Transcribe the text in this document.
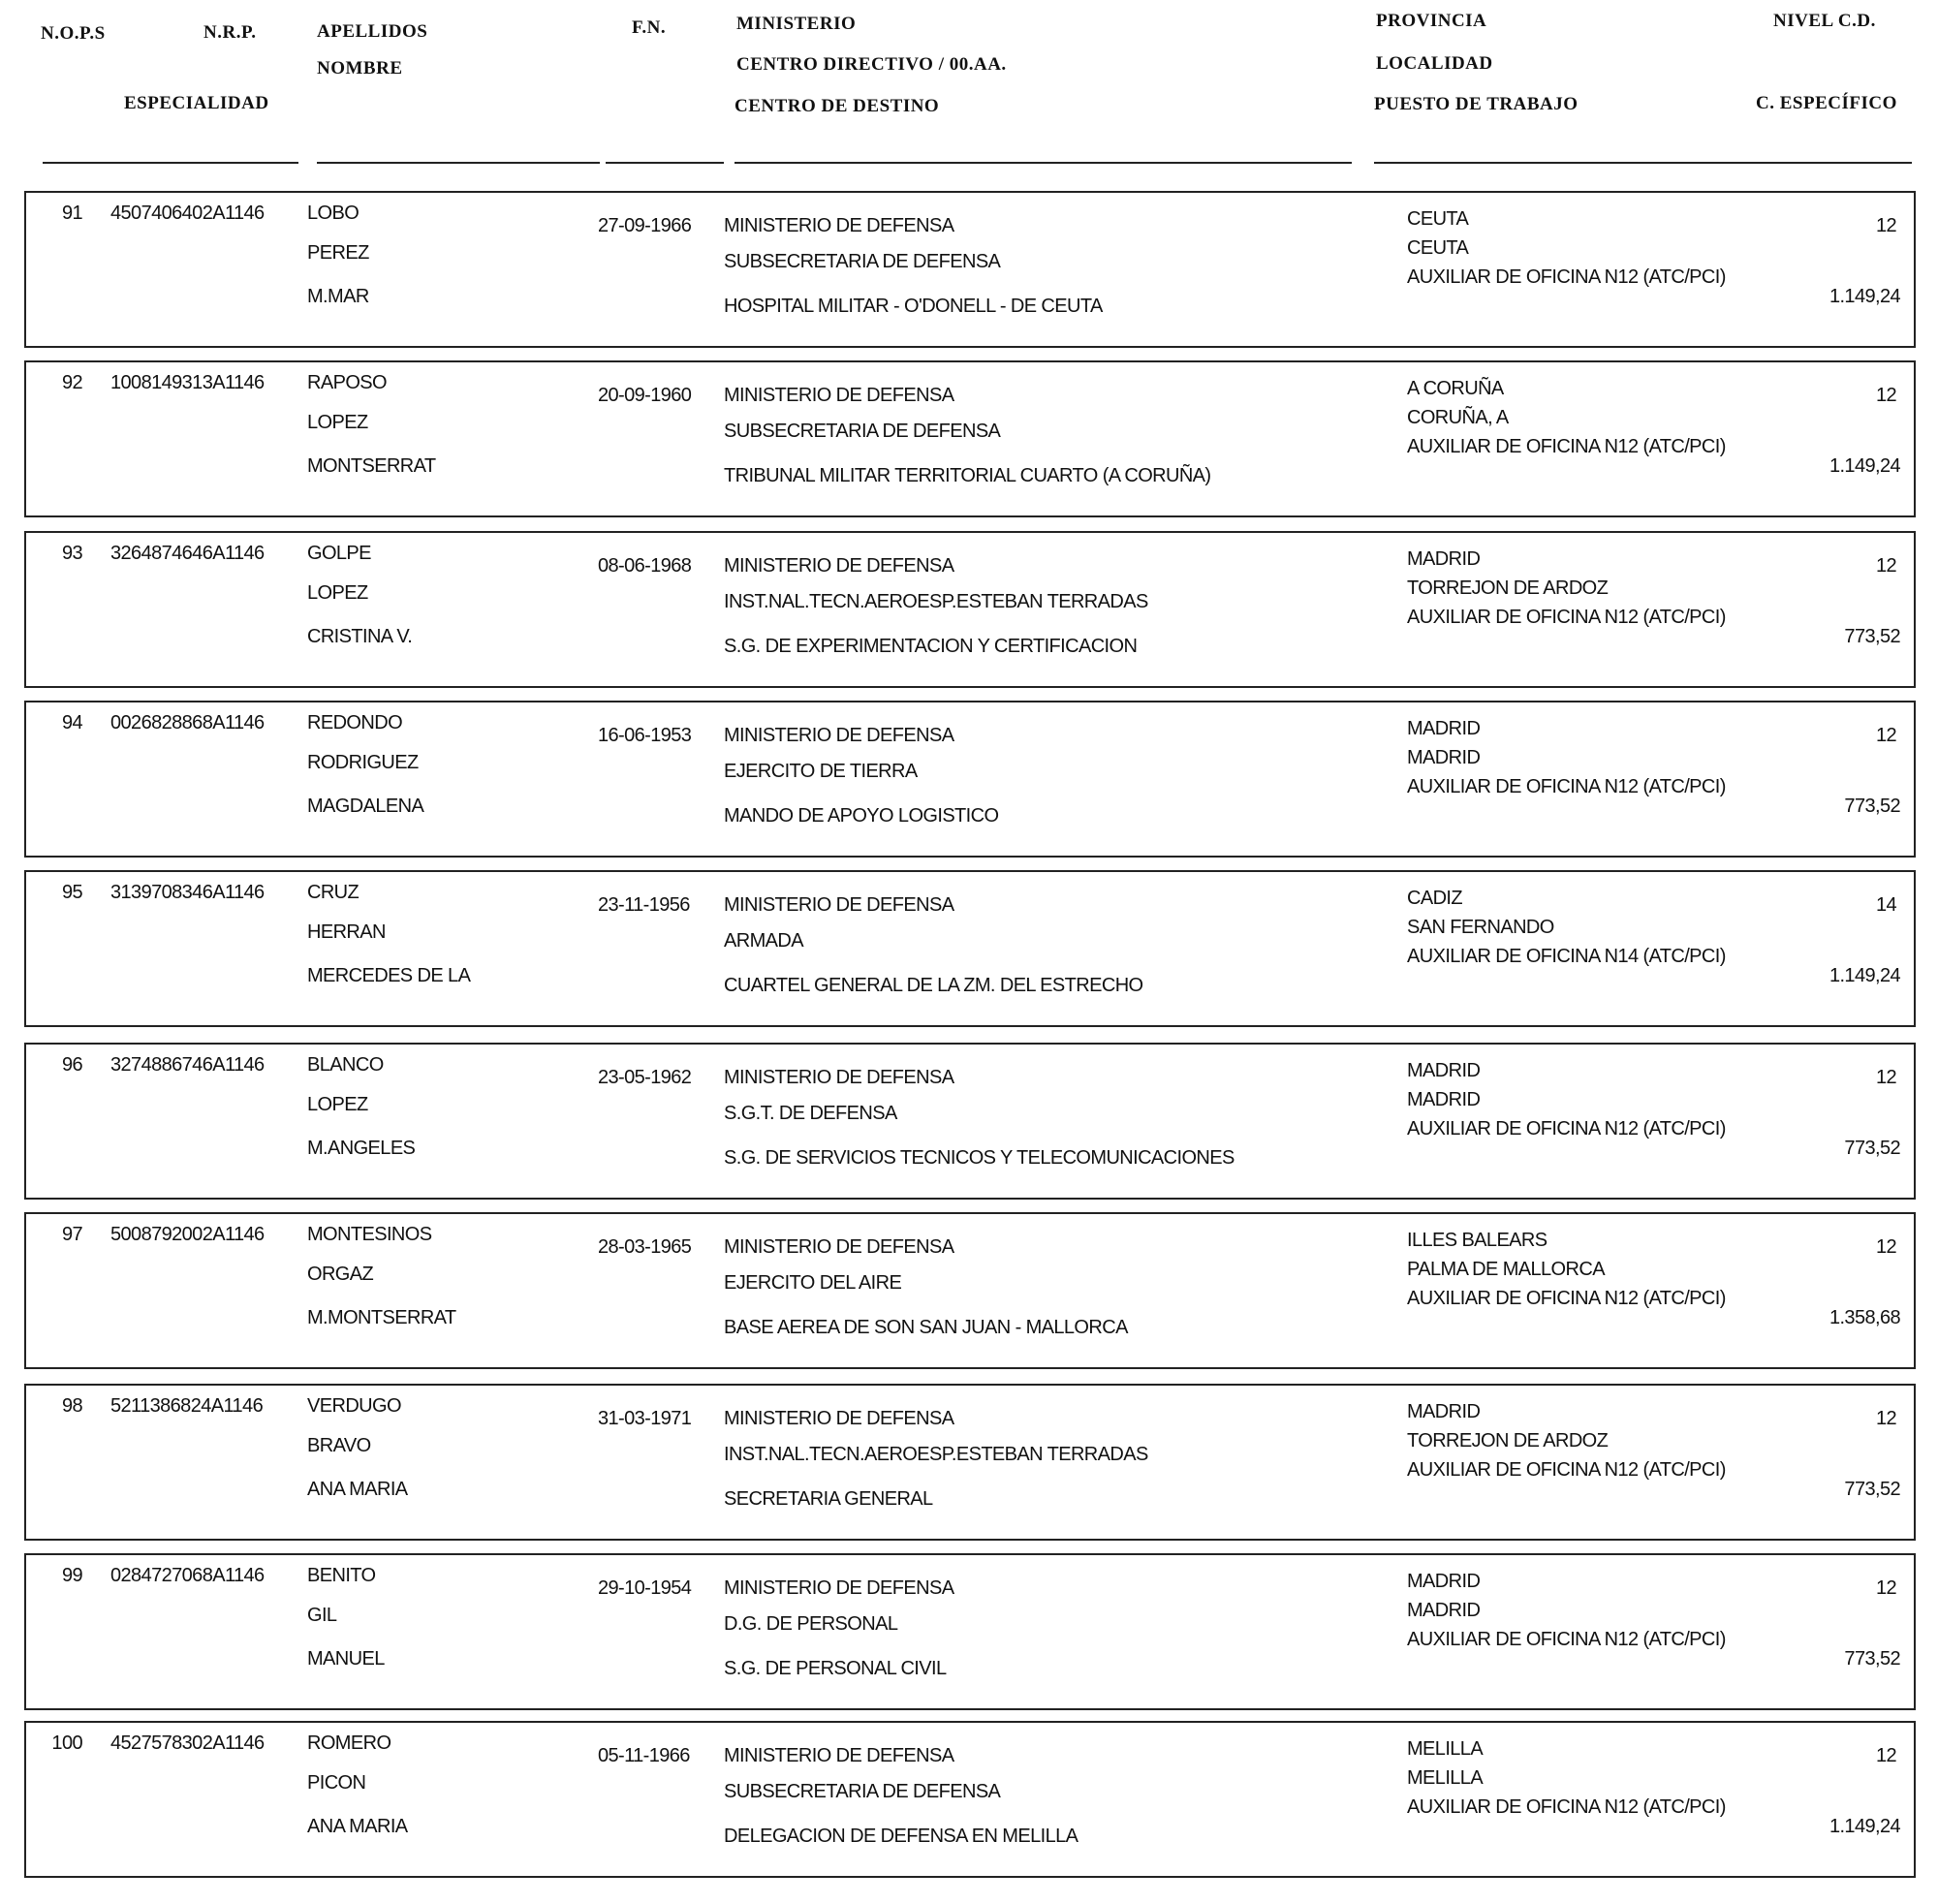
N.O.P.S	N.R.P.
ESPECIALIDAD
APELLIDOS
NOMBRE
F.N.	MINISTERIO
CENTRO DIRECTIVO / 00.AA.
CENTRO DE DESTINO
PROVINCIA
LOCALIDAD
PUESTO DE TRABAJO
NIVEL C.D.
C. ESPECÍFICO
91 4507406402A1146 LOBO
PEREZ
M.MAR
27-09-1966 MINISTERIO DE DEFENSA
SUBSECRETARIA DE DEFENSA
HOSPITAL MILITAR - O'DONELL - DE CEUTA
CEUTA
CEUTA
AUXILIAR DE OFICINA N12 (ATC/PCI)
12
1.149,24
92 1008149313A1146 RAPOSO
LOPEZ
MONTSERRAT
20-09-1960 MINISTERIO DE DEFENSA
SUBSECRETARIA DE DEFENSA
TRIBUNAL MILITAR TERRITORIAL CUARTO (A CORUÑA)
A CORUÑA
CORUÑA, A
AUXILIAR DE OFICINA N12 (ATC/PCI)
12
1.149,24
93 3264874646A1146 GOLPE
LOPEZ
CRISTINA V.
08-06-1968 MINISTERIO DE DEFENSA
INST.NAL.TECN.AEROESP.ESTEBAN TERRADAS
S.G. DE EXPERIMENTACION Y CERTIFICACION
MADRID
TORREJON DE ARDOZ
AUXILIAR DE OFICINA N12 (ATC/PCI)
12
773,52
94 0026828868A1146 REDONDO
RODRIGUEZ
MAGDALENA
16-06-1953 MINISTERIO DE DEFENSA
EJERCITO DE TIERRA
MANDO DE APOYO LOGISTICO
MADRID
MADRID
AUXILIAR DE OFICINA N12 (ATC/PCI)
12
773,52
95 3139708346A1146 CRUZ
HERRAN
MERCEDES DE LA
23-11-1956 MINISTERIO DE DEFENSA
ARMADA
CUARTEL GENERAL DE LA ZM. DEL ESTRECHO
CADIZ
SAN FERNANDO
AUXILIAR DE OFICINA N14 (ATC/PCI)
14
1.149,24
96 3274886746A1146 BLANCO
LOPEZ
M.ANGELES
23-05-1962 MINISTERIO DE DEFENSA
S.G.T. DE DEFENSA
S.G. DE SERVICIOS TECNICOS Y TELECOMUNICACIONES
MADRID
MADRID
AUXILIAR DE OFICINA N12 (ATC/PCI)
12
773,52
97 5008792002A1146 MONTESINOS
ORGAZ
M.MONTSERRAT
28-03-1965 MINISTERIO DE DEFENSA
EJERCITO DEL AIRE
BASE AEREA DE SON SAN JUAN - MALLORCA
ILLES BALEARS
PALMA DE MALLORCA
AUXILIAR DE OFICINA N12 (ATC/PCI)
12
1.358,68
98 5211386824A1146 VERDUGO
BRAVO
ANA MARIA
31-03-1971 MINISTERIO DE DEFENSA
INST.NAL.TECN.AEROESP.ESTEBAN TERRADAS
SECRETARIA GENERAL
MADRID
TORREJON DE ARDOZ
AUXILIAR DE OFICINA N12 (ATC/PCI)
12
773,52
99 0284727068A1146 BENITO
GIL
MANUEL
29-10-1954 MINISTERIO DE DEFENSA
D.G. DE PERSONAL
S.G. DE PERSONAL CIVIL
MADRID
MADRID
AUXILIAR DE OFICINA N12 (ATC/PCI)
12
773,52
100 4527578302A1146 ROMERO
PICON
ANA MARIA
05-11-1966 MINISTERIO DE DEFENSA
SUBSECRETARIA DE DEFENSA
DELEGACION DE DEFENSA EN MELILLA
MELILLA
MELILLA
AUXILIAR DE OFICINA N12 (ATC/PCI)
12
1.149,24
